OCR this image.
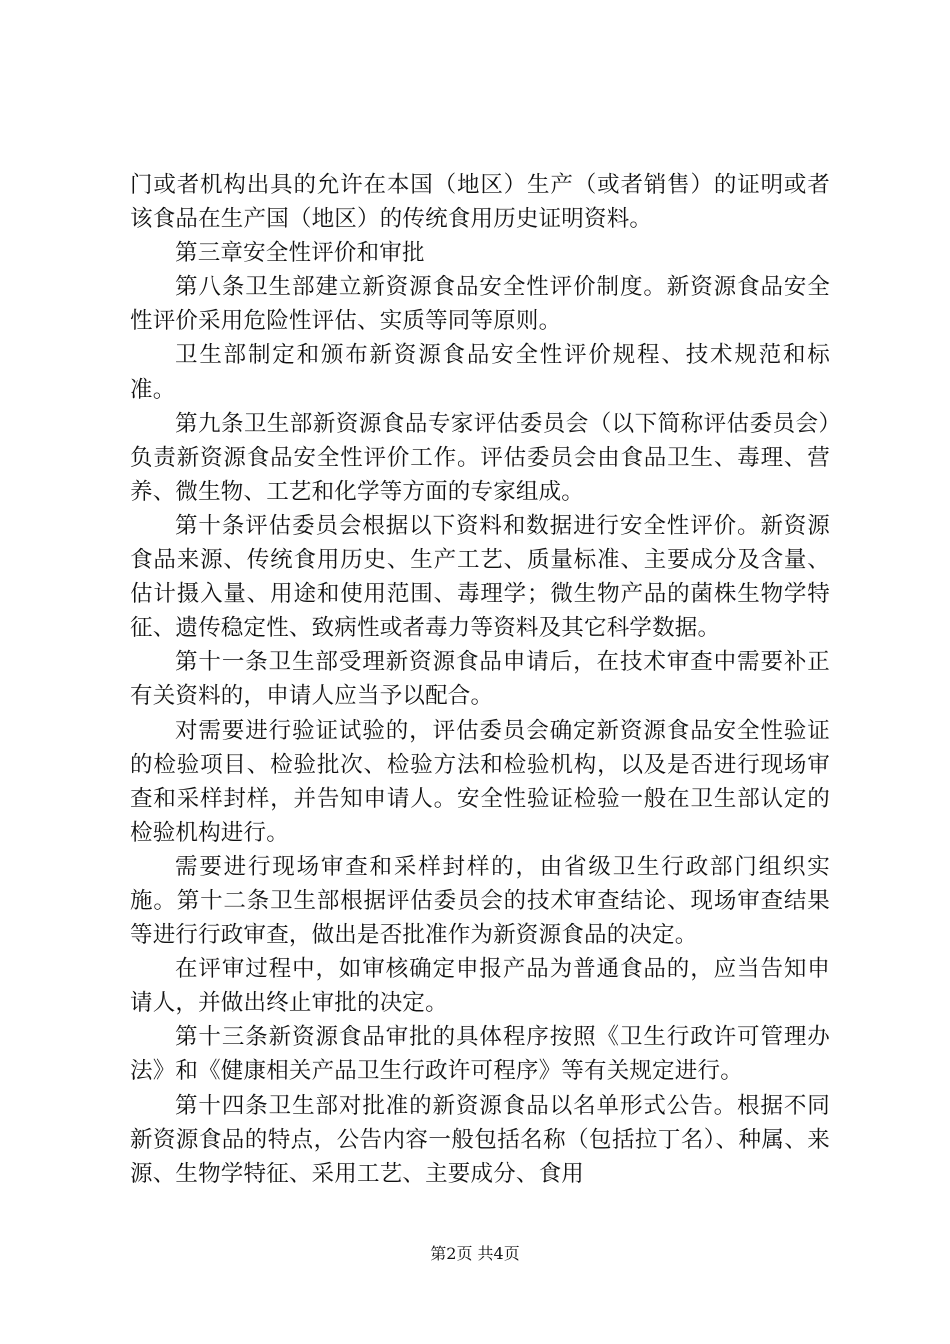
门或者机构出具的允许在本国（地区）生产（或者销售）的证明或者该食品在生产国（地区）的传统食用历史证明资料。

第三章安全性评价和审批

第八条卫生部建立新资源食品安全性评价制度。新资源食品安全性评价采用危险性评估、实质等同等原则。

卫生部制定和颁布新资源食品安全性评价规程、技术规范和标准。

第九条卫生部新资源食品专家评估委员会（以下简称评估委员会）负责新资源食品安全性评价工作。评估委员会由食品卫生、毒理、营养、微生物、工艺和化学等方面的专家组成。

第十条评估委员会根据以下资料和数据进行安全性评价。新资源食品来源、传统食用历史、生产工艺、质量标准、主要成分及含量、估计摄入量、用途和使用范围、毒理学；微生物产品的菌株生物学特征、遗传稳定性、致病性或者毒力等资料及其它科学数据。

第十一条卫生部受理新资源食品申请后，在技术审查中需要补正有关资料的，申请人应当予以配合。

对需要进行验证试验的，评估委员会确定新资源食品安全性验证的检验项目、检验批次、检验方法和检验机构，以及是否进行现场审查和采样封样，并告知申请人。安全性验证检验一般在卫生部认定的检验机构进行。

需要进行现场审查和采样封样的，由省级卫生行政部门组织实施。第十二条卫生部根据评估委员会的技术审查结论、现场审查结果等进行行政审查，做出是否批准作为新资源食品的决定。

在评审过程中，如审核确定申报产品为普通食品的，应当告知申请人，并做出终止审批的决定。

第十三条新资源食品审批的具体程序按照《卫生行政许可管理办法》和《健康相关产品卫生行政许可程序》等有关规定进行。

第十四条卫生部对批准的新资源食品以名单形式公告。根据不同新资源食品的特点，公告内容一般包括名称（包括拉丁名）、种属、来源、生物学特征、采用工艺、主要成分、食用

第2页 共4页
